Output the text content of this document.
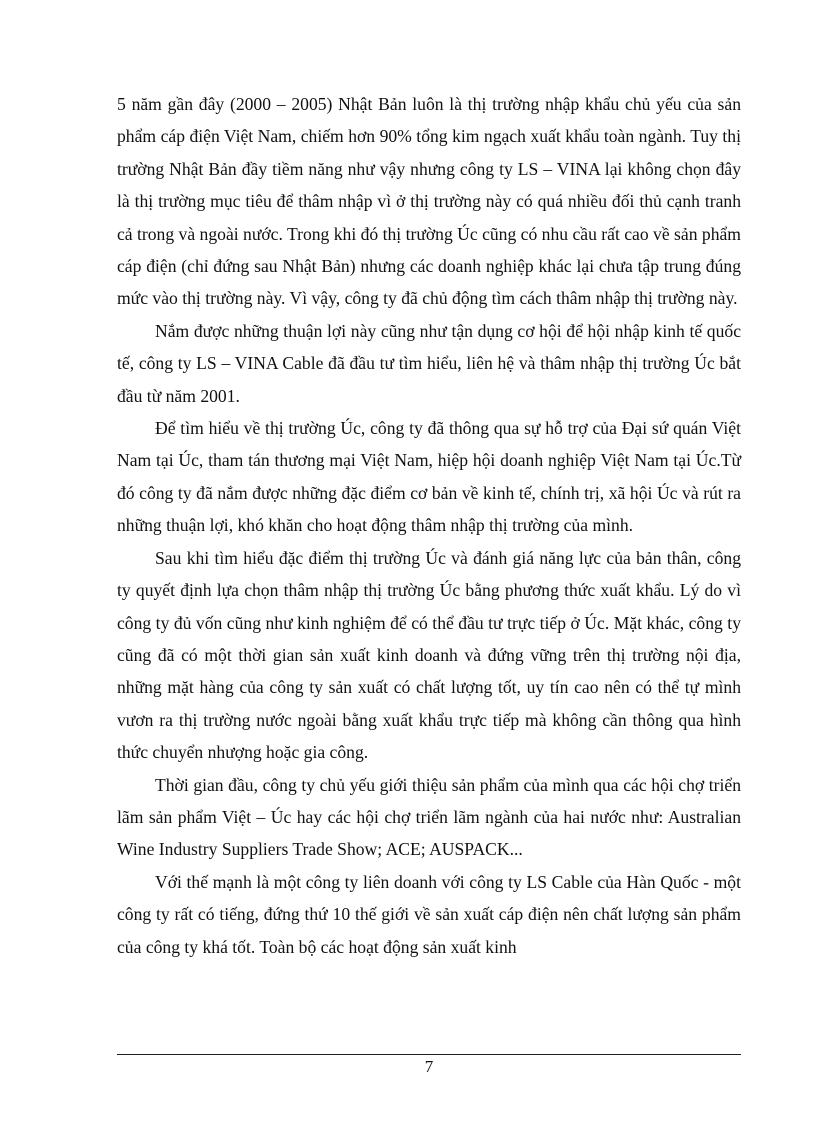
5 năm gần đây (2000 – 2005) Nhật Bản luôn là thị trường nhập khẩu chủ yếu của sản phẩm cáp điện Việt Nam, chiếm hơn 90% tổng kim ngạch xuất khẩu toàn ngành. Tuy thị trường Nhật Bản đầy tiềm năng như vậy nhưng công ty LS – VINA lại không chọn đây là thị trường mục tiêu để thâm nhập vì ở thị trường này có quá nhiều đối thủ cạnh tranh cả trong và ngoài nước. Trong khi đó thị trường Úc cũng có nhu cầu rất cao về sản phẩm cáp điện (chỉ đứng sau Nhật Bản) nhưng các doanh nghiệp khác lại chưa tập trung đúng mức vào thị trường này. Vì vậy, công ty đã chủ động tìm cách thâm nhập thị trường này.

Nắm được những thuận lợi này cũng như tận dụng cơ hội để hội nhập kinh tế quốc tế, công ty LS – VINA Cable đã đầu tư tìm hiểu, liên hệ và thâm nhập thị trường Úc bắt đầu từ năm 2001.

Để tìm hiểu về thị trường Úc, công ty đã thông qua sự hỗ trợ của Đại sứ quán Việt Nam tại Úc, tham tán thương mại Việt Nam, hiệp hội doanh nghiệp Việt Nam tại Úc.Từ đó công ty đã nắm được những đặc điểm cơ bản về kinh tế, chính trị, xã hội Úc và rút ra những thuận lợi, khó khăn cho hoạt động thâm nhập thị trường của mình.

Sau khi tìm hiểu đặc điểm thị trường Úc và đánh giá năng lực của bản thân, công ty quyết định lựa chọn thâm nhập thị trường Úc bằng phương thức xuất khẩu. Lý do vì công ty đủ vốn cũng như kinh nghiệm để có thể đầu tư trực tiếp ở Úc. Mặt khác, công ty cũng đã có một thời gian sản xuất kinh doanh và đứng vững trên thị trường nội địa, những mặt hàng của công ty sản xuất có chất lượng tốt, uy tín cao nên có thể tự mình vươn ra thị trường nước ngoài bằng xuất khẩu trực tiếp mà không cần thông qua hình thức chuyển nhượng hoặc gia công.

Thời gian đầu, công ty chủ yếu giới thiệu sản phẩm của mình qua các hội chợ triển lãm sản phẩm Việt – Úc hay các hội chợ triển lãm ngành của hai nước như: Australian Wine Industry Suppliers Trade Show; ACE; AUSPACK...

Với thế mạnh là một công ty liên doanh với công ty LS Cable của Hàn Quốc - một công ty rất có tiếng, đứng thứ 10 thế giới về sản xuất cáp điện nên chất lượng sản phẩm của công ty khá tốt. Toàn bộ các hoạt động sản xuất kinh

7
